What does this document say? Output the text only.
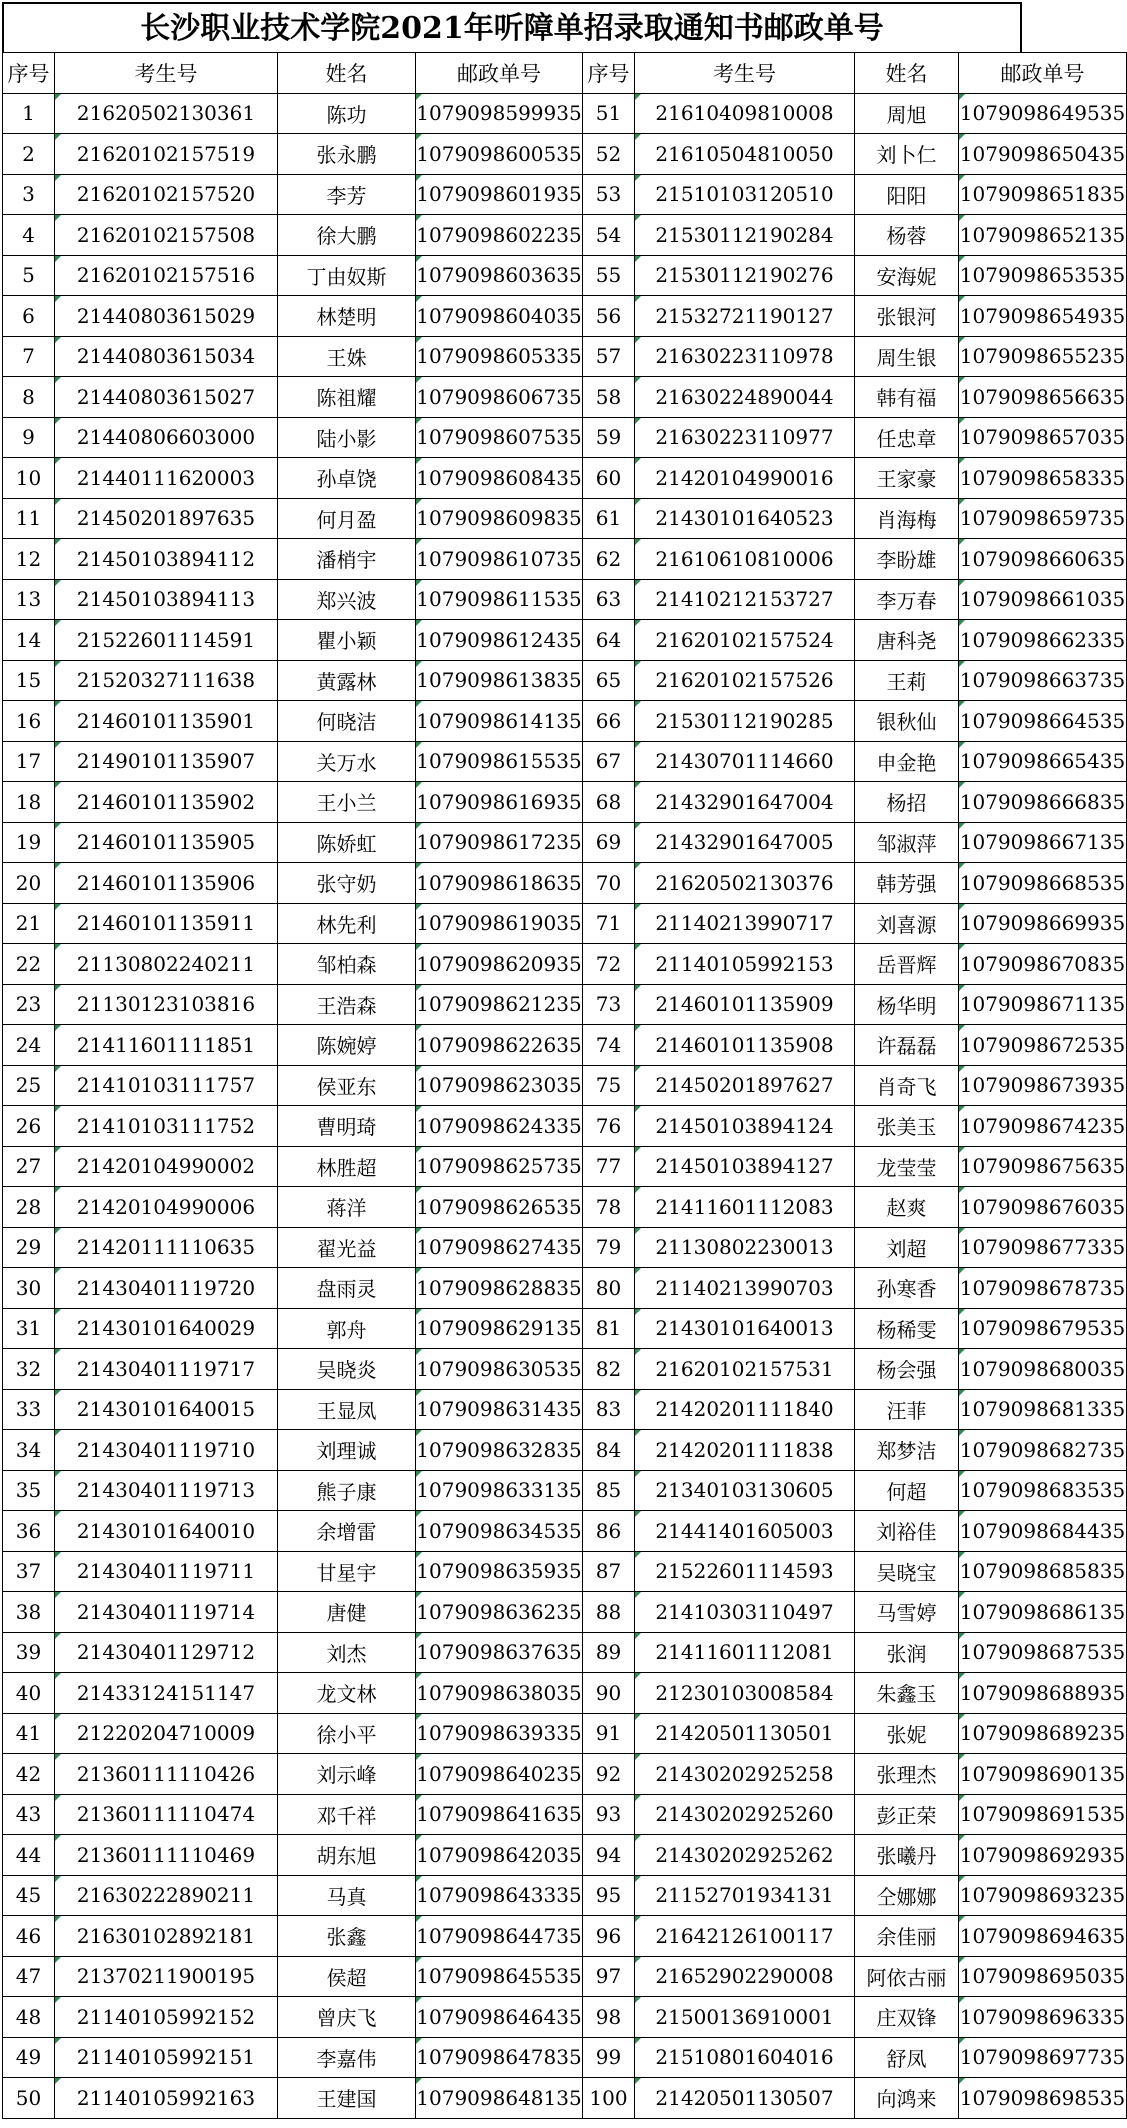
长沙职业技术学院2021年听障单招录取通知书邮政单号
序号	考生号	姓名	邮政单号	序号	考生号	姓名	邮政单号
1	21620502130361	陈功	1079098599935	51	21610409810008	周旭	1079098649535
2	21620102157519	张永鹏	1079098600535	52	21610504810050	刘卜仁	1079098650435
3	21620102157520	李芳	1079098601935	53	21510103120510	阳阳	1079098651835
4	21620102157508	徐大鹏	1079098602235	54	21530112190284	杨蓉	1079098652135
5	21620102157516	丁由奴斯	1079098603635	55	21530112190276	安海妮	1079098653535
6	21440803615029	林楚明	1079098604035	56	21532721190127	张银河	1079098654935
7	21440803615034	王姝	1079098605335	57	21630223110978	周生银	1079098655235
8	21440803615027	陈祖耀	1079098606735	58	21630224890044	韩有福	1079098656635
9	21440806603000	陆小影	1079098607535	59	21630223110977	任忠章	1079098657035
10	21440111620003	孙卓饶	1079098608435	60	21420104990016	王家豪	1079098658335
11	21450201897635	何月盈	1079098609835	61	21430101640523	肖海梅	1079098659735
12	21450103894112	潘梢宇	1079098610735	62	21610610810006	李盼雄	1079098660635
13	21450103894113	郑兴波	1079098611535	63	21410212153727	李万春	1079098661035
14	21522601114591	瞿小颖	1079098612435	64	21620102157524	唐科尧	1079098662335
15	21520327111638	黄露林	1079098613835	65	21620102157526	王莉	1079098663735
16	21460101135901	何晓洁	1079098614135	66	21530112190285	银秋仙	1079098664535
17	21490101135907	关万水	1079098615535	67	21430701114660	申金艳	1079098665435
18	21460101135902	王小兰	1079098616935	68	21432901647004	杨招	1079098666835
19	21460101135905	陈娇虹	1079098617235	69	21432901647005	邹淑萍	1079098667135
20	21460101135906	张守奶	1079098618635	70	21620502130376	韩芳强	1079098668535
21	21460101135911	林先利	1079098619035	71	21140213990717	刘喜源	1079098669935
22	21130802240211	邹柏森	1079098620935	72	21140105992153	岳晋辉	1079098670835
23	21130123103816	王浩森	1079098621235	73	21460101135909	杨华明	1079098671135
24	21411601111851	陈婉婷	1079098622635	74	21460101135908	许磊磊	1079098672535
25	21410103111757	侯亚东	1079098623035	75	21450201897627	肖奇飞	1079098673935
26	21410103111752	曹明琦	1079098624335	76	21450103894124	张美玉	1079098674235
27	21420104990002	林胜超	1079098625735	77	21450103894127	龙莹莹	1079098675635
28	21420104990006	蒋洋	1079098626535	78	21411601112083	赵爽	1079098676035
29	21420111110635	翟光益	1079098627435	79	21130802230013	刘超	1079098677335
30	21430401119720	盘雨灵	1079098628835	80	21140213990703	孙寒香	1079098678735
31	21430101640029	郭舟	1079098629135	81	21430101640013	杨稀雯	1079098679535
32	21430401119717	吴晓炎	1079098630535	82	21620102157531	杨会强	1079098680035
33	21430101640015	王显凤	1079098631435	83	21420201111840	汪菲	1079098681335
34	21430401119710	刘理诚	1079098632835	84	21420201111838	郑梦洁	1079098682735
35	21430401119713	熊子康	1079098633135	85	21340103130605	何超	1079098683535
36	21430101640010	余增雷	1079098634535	86	21441401605003	刘裕佳	1079098684435
37	21430401119711	甘星宇	1079098635935	87	21522601114593	吴晓宝	1079098685835
38	21430401119714	唐健	1079098636235	88	21410303110497	马雪婷	1079098686135
39	21430401129712	刘杰	1079098637635	89	21411601112081	张润	1079098687535
40	21433124151147	龙文林	1079098638035	90	21230103008584	朱鑫玉	1079098688935
41	21220204710009	徐小平	1079098639335	91	21420501130501	张妮	1079098689235
42	21360111110426	刘示峰	1079098640235	92	21430202925258	张理杰	1079098690135
43	21360111110474	邓千祥	1079098641635	93	21430202925260	彭正荣	1079098691535
44	21360111110469	胡东旭	1079098642035	94	21430202925262	张曦丹	1079098692935
45	21630222890211	马真	1079098643335	95	21152701934131	仝娜娜	1079098693235
46	21630102892181	张鑫	1079098644735	96	21642126100117	余佳丽	1079098694635
47	21370211900195	侯超	1079098645535	97	21652902290008	阿依古丽	1079098695035
48	21140105992152	曾庆飞	1079098646435	98	21500136910001	庄双锋	1079098696335
49	21140105992151	李嘉伟	1079098647835	99	21510801604016	舒凤	1079098697735
50	21140105992163	王建国	1079098648135	100	21420501130507	向鸿来	1079098698535
